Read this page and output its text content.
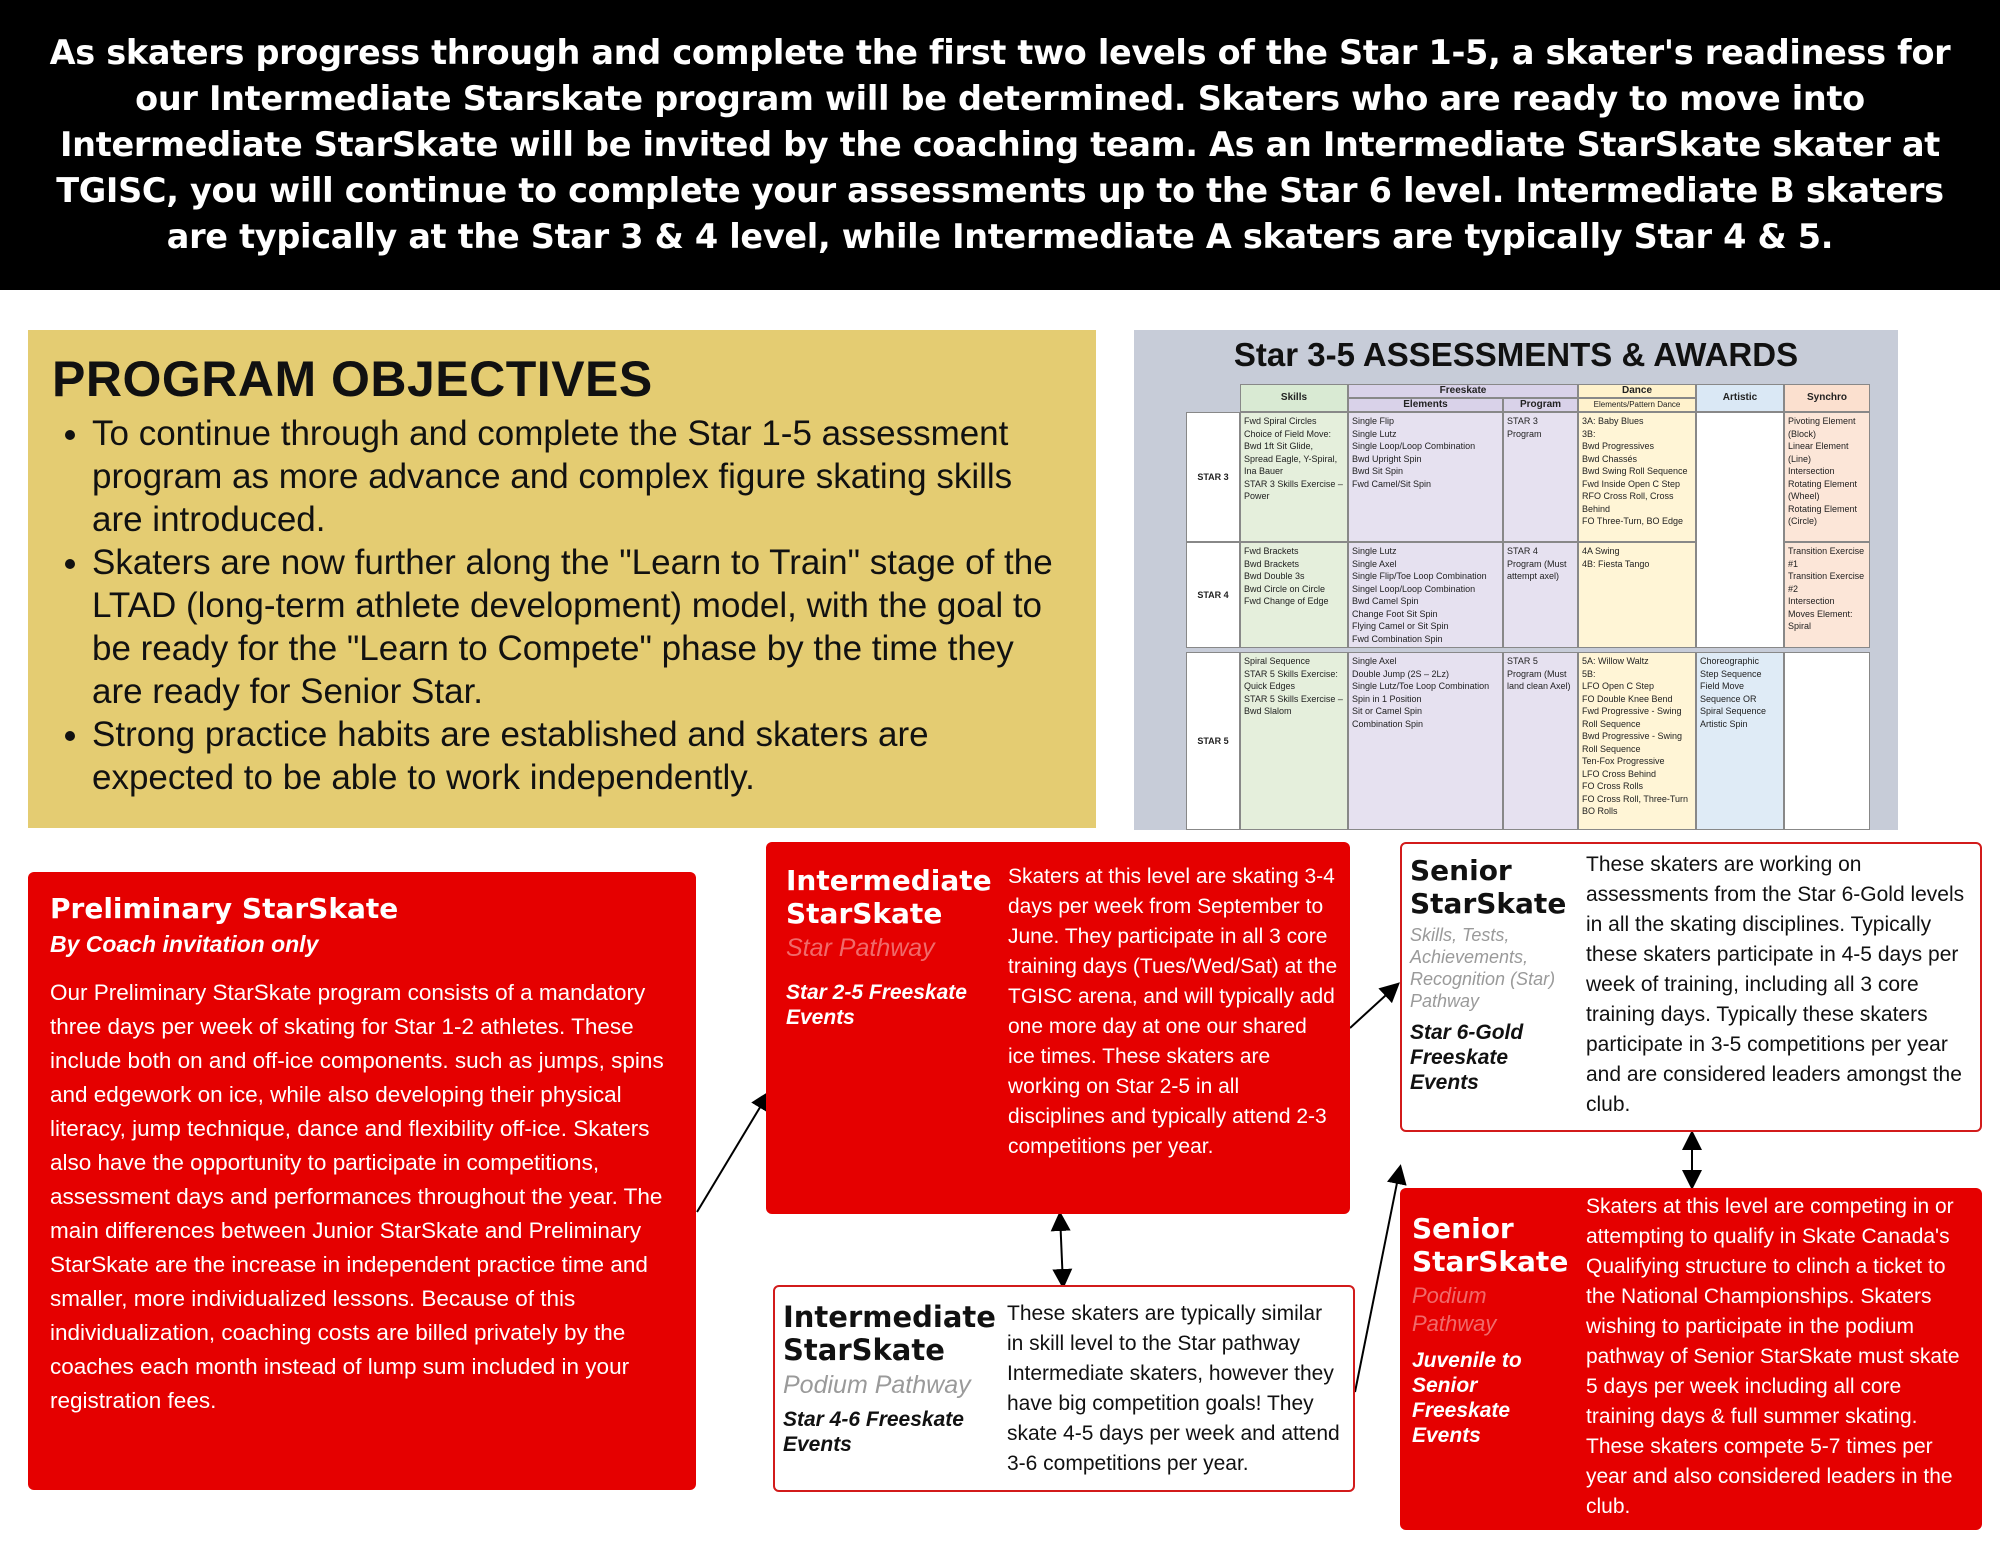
As skaters progress through and complete the first two levels of the Star 1-5, a skater's readiness for our Intermediate Starskate program will be determined. Skaters who are ready to move into Intermediate StarSkate will be invited by the coaching team. As an Intermediate StarSkate skater at TGISC, you will continue to complete your assessments up to the Star 6 level. Intermediate B skaters are typically at the Star 3 & 4 level, while Intermediate A skaters are typically Star 4 & 5.
PROGRAM OBJECTIVES
• To continue through and complete the Star 1-5 assessment program as more advance and complex figure skating skills are introduced.
• Skaters are now further along the "Learn to Train" stage of the LTAD (long-term athlete development) model, with the goal to be ready for the "Learn to Compete" phase by the time they are ready for Senior Star.
• Strong practice habits are established and skaters are expected to be able to work independently.
Star 3-5 ASSESSMENTS & AWARDS
Skills
Freeskate
Elements	Program
Dance
Elements/Pattern Dance
Artistic	Synchro
STAR 3
Fwd Spiral Circles
Choice of Field Move: Bwd 1ft Sit Glide, Spread Eagle, Y-Spiral, Ina Bauer
STAR 3 Skills Exercise – Power
Single Flip
Single Lutz
Single Loop/Loop Combination
Bwd Upright Spin
Bwd Sit Spin
Fwd Camel/Sit Spin
STAR 3 Program
3A: Baby Blues
3B:
Bwd Progressives
Bwd Chassés
Bwd Swing Roll Sequence
Fwd Inside Open C Step
RFO Cross Roll, Cross Behind
FO Three-Turn, BO Edge
Pivoting Element (Block)
Linear Element (Line)
Intersection
Rotating Element (Wheel)
Rotating Element (Circle)
STAR 4
Fwd Brackets
Bwd Brackets
Bwd Double 3s
Bwd Circle on Circle
Fwd Change of Edge
Single Lutz
Single Axel
Single Flip/Toe Loop Combination
Singel Loop/Loop Combination
Bwd Camel Spin
Change Foot Sit Spin
Flying Camel or Sit Spin
Fwd Combination Spin
STAR 4 Program (Must attempt axel)
4A Swing
4B: Fiesta Tango
Transition Exercise #1
Transition Exercise #2
Intersection
Moves Element: Spiral
STAR 5
Spiral Sequence
STAR 5 Skills Exercise: Quick Edges
STAR 5 Skills Exercise – Bwd Slalom
Single Axel
Double Jump (2S – 2Lz)
Single Lutz/Toe Loop Combination
Spin in 1 Position
Sit or Camel Spin
Combination Spin
STAR 5 Program (Must land clean Axel)
5A: Willow Waltz
5B:
LFO Open C Step
FO Double Knee Bend
Fwd Progressive - Swing Roll Sequence
Bwd Progressive - Swing Roll Sequence
Ten-Fox Progressive
LFO Cross Behind
FO Cross Rolls
FO Cross Roll, Three-Turn
BO Rolls
Choreographic Step Sequence
Field Move Sequence OR Spiral Sequence
Artistic Spin
Preliminary StarSkate
By Coach invitation only
Our Preliminary StarSkate program consists of a mandatory three days per week of skating for Star 1-2 athletes. These include both on and off-ice components. such as jumps, spins and edgework on ice, while also developing their physical literacy, jump technique, dance and flexibility off-ice. Skaters also have the opportunity to participate in competitions, assessment days and performances throughout the year. The main differences between Junior StarSkate and Preliminary StarSkate are the increase in independent practice time and smaller, more individualized lessons. Because of this individualization, coaching costs are billed privately by the coaches each month instead of lump sum included in your registration fees.
Intermediate StarSkate
Star Pathway
Star 2-5 Freeskate Events
Skaters at this level are skating 3-4 days per week from September to June. They participate in all 3 core training days (Tues/Wed/Sat) at the TGISC arena, and will typically add one more day at one our shared ice times. These skaters are working on Star 2-5 in all disciplines and typically attend 2-3 competitions per year.
Intermediate StarSkate
Podium Pathway
Star 4-6 Freeskate Events
These skaters are typically similar in skill level to the Star pathway Intermediate skaters, however they have big competition goals! They skate 4-5 days per week and attend 3-6 competitions per year.
Senior StarSkate
Skills, Tests, Achievements, Recognition (Star) Pathway
Star 6-Gold Freeskate Events
These skaters are working on assessments from the Star 6-Gold levels in all the skating disciplines. Typically these skaters participate in 4-5 days per week of training, including all 3 core training days. Typically these skaters participate in 3-5 competitions per year and are considered leaders amongst the club.
Senior StarSkate
Podium Pathway
Juvenile to Senior Freeskate Events
Skaters at this level are competing in or attempting to qualify in Skate Canada's Qualifying structure to clinch a ticket to the National Championships. Skaters wishing to participate in the podium pathway of Senior StarSkate must skate 5 days per week including all core training days & full summer skating. These skaters compete 5-7 times per year and also considered leaders in the club.
